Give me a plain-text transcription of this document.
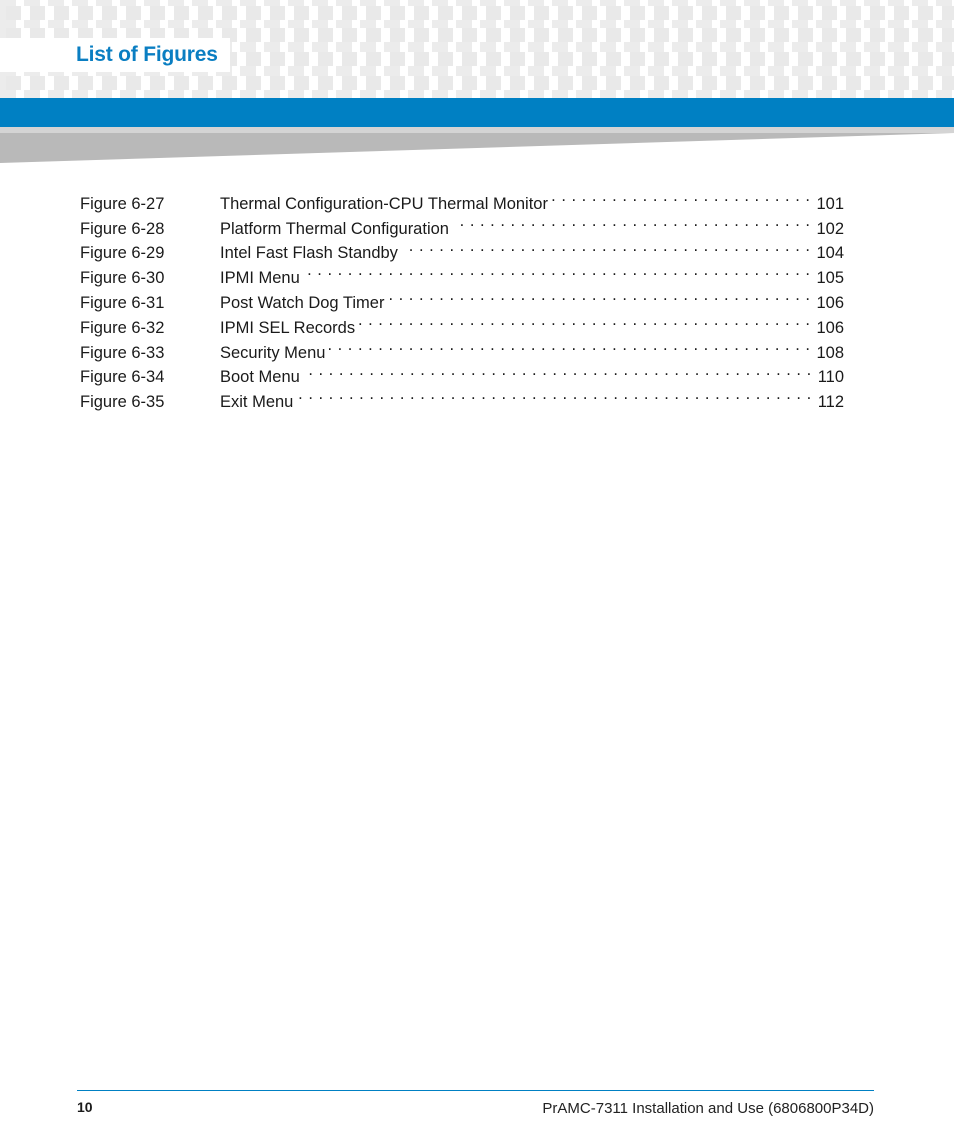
List of Figures
Figure 6-27	Thermal Configuration-CPU Thermal Monitor . . .	101
Figure 6-28	Platform Thermal Configuration . . .	102
Figure 6-29	Intel Fast Flash Standby . . .	104
Figure 6-30	IPMI Menu . . .	105
Figure 6-31	Post Watch Dog Timer . . .	106
Figure 6-32	IPMI SEL Records . . .	106
Figure 6-33	Security Menu . . .	108
Figure 6-34	Boot Menu . . .	110
Figure 6-35	Exit Menu . . .	112
10	PrAMC-7311 Installation and Use (6806800P34D)
